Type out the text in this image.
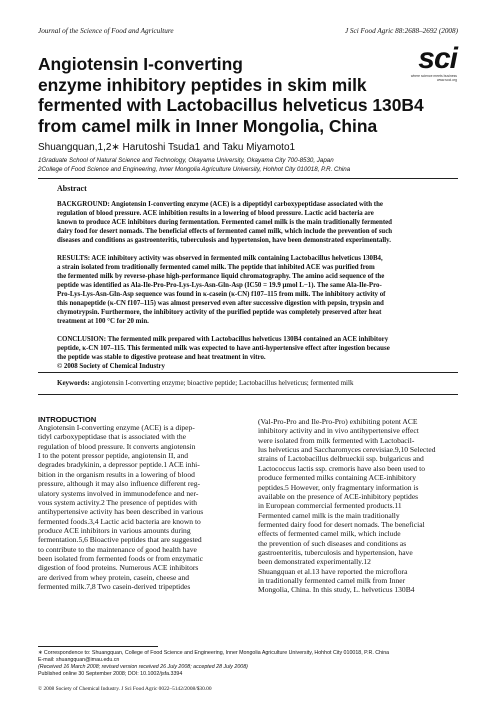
Journal of the Science of Food and Agriculture	J Sci Food Agric 88:2688–2692 (2008)
sci
where science meets business
www.soci.org
Angiotensin I-converting
enzyme inhibitory peptides in skim milk
fermented with Lactobacillus helveticus 130B4
from camel milk in Inner Mongolia, China
Shuangquan,1,2∗ Harutoshi Tsuda1 and Taku Miyamoto1
1Graduate School of Natural Science and Technology, Okayama University, Okayama City 700-8530, Japan
2College of Food Science and Engineering, Inner Mongolia Agriculture University, Hohhot City 010018, P.R. China
Abstract
BACKGROUND: Angiotensin I-converting enzyme (ACE) is a dipeptidyl carboxypeptidase associated with the
regulation of blood pressure. ACE inhibition results in a lowering of blood pressure. Lactic acid bacteria are
known to produce ACE inhibitors during fermentation. Fermented camel milk is the main traditionally fermented
dairy food for desert nomads. The beneficial effects of fermented camel milk, which include the prevention of such
diseases and conditions as gastroenteritis, tuberculosis and hypertension, have been demonstrated experimentally.
RESULTS: ACE inhibitory activity was observed in fermented milk containing Lactobacillus helveticus 130B4,
a strain isolated from traditionally fermented camel milk. The peptide that inhibited ACE was purified from
the fermented milk by reverse-phase high-performance liquid chromatography. The amino acid sequence of the
peptide was identified as Ala-Ile-Pro-Pro-Lys-Lys-Asn-Gln-Asp (IC50 = 19.9 μmol L−1). The same Ala-Ile-Pro-
Pro-Lys-Lys-Asn-Gln-Asp sequence was found in κ-casein (κ-CN) f107–115 from milk. The inhibitory activity of
this nonapeptide (κ-CN f107–115) was almost preserved even after successive digestion with pepsin, trypsin and
chymotrypsin. Furthermore, the inhibitory activity of the purified peptide was completely preserved after heat
treatment at 100 °C for 20 min.
CONCLUSION: The fermented milk prepared with Lactobacillus helveticus 130B4 contained an ACE inhibitory
peptide, κ-CN 107–115. This fermented milk was expected to have anti-hypertensive effect after ingestion because
the peptide was stable to digestive protease and heat treatment in vitro.
© 2008 Society of Chemical Industry
Keywords: angiotensin I-converting enzyme; bioactive peptide; Lactobacillus helveticus; fermented milk
INTRODUCTION
Angiotensin I-converting enzyme (ACE) is a dipep-
tidyl carboxypeptidase that is associated with the
regulation of blood pressure. It converts angiotensin
I to the potent pressor peptide, angiotensin II, and
degrades bradykinin, a depressor peptide.1 ACE inhi-
bition in the organism results in a lowering of blood
pressure, although it may also influence different reg-
ulatory systems involved in immunodefence and ner-
vous system activity.2 The presence of peptides with
antihypertensive activity has been described in various
fermented foods.3,4 Lactic acid bacteria are known to
produce ACE inhibitors in various amounts during
fermentation.5,6 Bioactive peptides that are suggested
to contribute to the maintenance of good health have
been isolated from fermented foods or from enzymatic
digestion of food proteins. Numerous ACE inhibitors
are derived from whey protein, casein, cheese and
fermented milk.7,8 Two casein-derived tripeptides
(Val-Pro-Pro and Ile-Pro-Pro) exhibiting potent ACE
inhibitory activity and in vivo antihypertensive effect
were isolated from milk fermented with Lactobacil-
lus helveticus and Saccharomyces cerevisiae.9,10 Selected
strains of Lactobacillus delbrueckii ssp. bulgaricus and
Lactococcus lactis ssp. cremoris have also been used to
produce fermented milks containing ACE-inhibitory
peptides.5 However, only fragmentary information is
available on the presence of ACE-inhibitory peptides
in European commercial fermented products.11
Fermented camel milk is the main traditionally
fermented dairy food for desert nomads. The beneficial
effects of fermented camel milk, which include
the prevention of such diseases and conditions as
gastroenteritis, tuberculosis and hypertension, have
been demonstrated experimentally.12
Shuangquan et al.13 have reported the microflora
in traditionally fermented camel milk from Inner
Mongolia, China. In this study, L. helveticus 130B4
∗ Correspondence to: Shuangquan, College of Food Science and Engineering, Inner Mongolia Agriculture University, Hohhot City 010018, P.R. China
E-mail: shuangquan@imau.edu.cn
(Received 16 March 2008; revised version received 26 July 2008; accepted 28 July 2008)
Published online 30 September 2008; DOI: 10.1002/jsfa.3394
© 2008 Society of Chemical Industry. J Sci Food Agric 0022–5142/2008/$30.00
